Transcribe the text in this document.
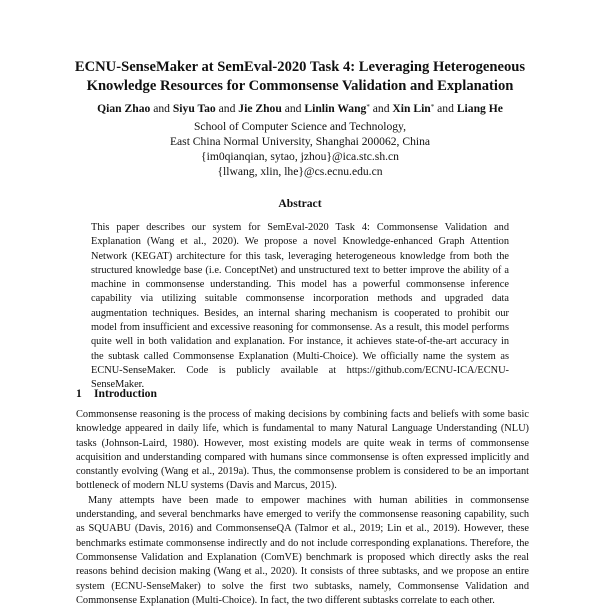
ECNU-SenseMaker at SemEval-2020 Task 4: Leveraging Heterogeneous
Knowledge Resources for Commonsense Validation and Explanation
Qian Zhao and Siyu Tao and Jie Zhou and Linlin Wang* and Xin Lin* and Liang He
School of Computer Science and Technology,
East China Normal University, Shanghai 200062, China
{im0qianqian, sytao, jzhou}@ica.stc.sh.cn
{llwang, xlin, lhe}@cs.ecnu.edu.cn
Abstract
This paper describes our system for SemEval-2020 Task 4: Commonsense Validation and Explanation (Wang et al., 2020). We propose a novel Knowledge-enhanced Graph Attention Network (KEGAT) architecture for this task, leveraging heterogeneous knowledge from both the structured knowledge base (i.e. ConceptNet) and unstructured text to better improve the ability of a machine in commonsense understanding. This model has a powerful commonsense inference capability via utilizing suitable commonsense incorporation methods and upgraded data augmentation techniques. Besides, an internal sharing mechanism is cooperated to prohibit our model from insufficient and excessive reasoning for commonsense. As a result, this model performs quite well in both validation and explanation. For instance, it achieves state-of-the-art accuracy in the subtask called Commonsense Explanation (Multi-Choice). We officially name the system as ECNU-SenseMaker. Code is publicly available at https://github.com/ECNU-ICA/ECNU-SenseMaker.
1 Introduction

Commonsense reasoning is the process of making decisions by combining facts and beliefs with some basic knowledge appeared in daily life, which is fundamental to many Natural Language Understanding (NLU) tasks (Johnson-Laird, 1980). However, most existing models are quite weak in terms of commonsense acquisition and understanding compared with humans since commonsense is often expressed implicitly and constantly evolving (Wang et al., 2019a). Thus, the commonsense problem is considered to be an important bottleneck of modern NLU systems (Davis and Marcus, 2015).

Many attempts have been made to empower machines with human abilities in commonsense understanding, and several benchmarks have emerged to verify the commonsense reasoning capability, such as SQUABU (Davis, 2016) and CommonsenseQA (Talmor et al., 2019; Lin et al., 2019). However, these benchmarks estimate commonsense indirectly and do not include corresponding explanations. Therefore, the Commonsense Validation and Explanation (ComVE) benchmark is proposed which directly asks the real reasons behind decision making (Wang et al., 2020). It consists of three subtasks, and we propose an entire system (ECNU-SenseMaker) to solve the first two subtasks, namely, Commonsense Validation and Commonsense Explanation (Multi-Choice). In fact, the two different subtasks correlate to each other.
